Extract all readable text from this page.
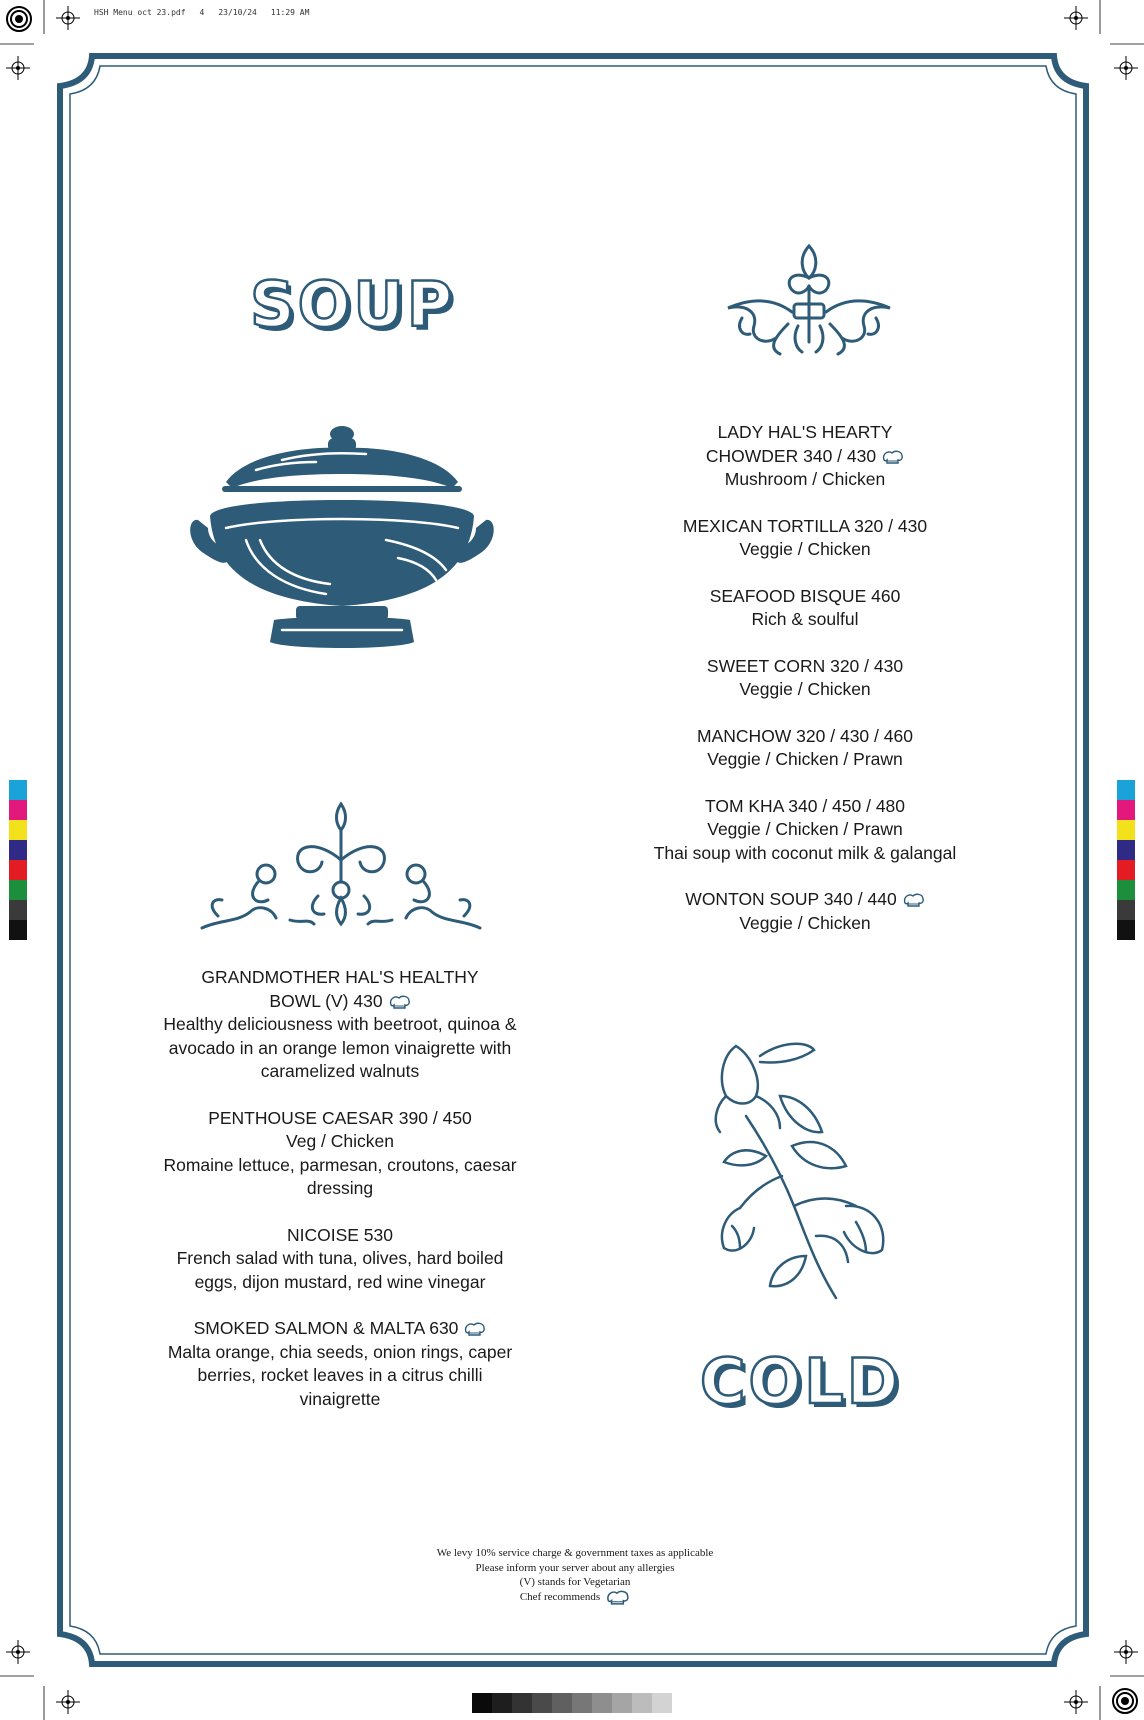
HSH Menu oct 23.pdf 4 23/10/24 11:29 AM
SOUP
COLD
LADY HAL'S HEARTY
CHOWDER 340 / 430
Mushroom / Chicken
MEXICAN TORTILLA 320 / 430
Veggie / Chicken
SEAFOOD BISQUE 460
Rich & soulful
SWEET CORN 320 / 430
Veggie / Chicken
MANCHOW 320 / 430 / 460
Veggie / Chicken / Prawn
TOM KHA 340 / 450 / 480
Veggie / Chicken / Prawn
Thai soup with coconut milk & galangal
WONTON SOUP 340 / 440
Veggie / Chicken
GRANDMOTHER HAL'S HEALTHY
BOWL (V) 430
Healthy deliciousness with beetroot, quinoa &
avocado in an orange lemon vinaigrette with
caramelized walnuts
PENTHOUSE CAESAR 390 / 450
Veg / Chicken
Romaine lettuce, parmesan, croutons, caesar
dressing
NICOISE 530
French salad with tuna, olives, hard boiled
eggs, dijon mustard, red wine vinegar
SMOKED SALMON & MALTA 630
Malta orange, chia seeds, onion rings, caper
berries, rocket leaves in a citrus chilli
vinaigrette
We levy 10% service charge & government taxes as applicable
Please inform your server about any allergies
(V) stands for Vegetarian
Chef recommends
